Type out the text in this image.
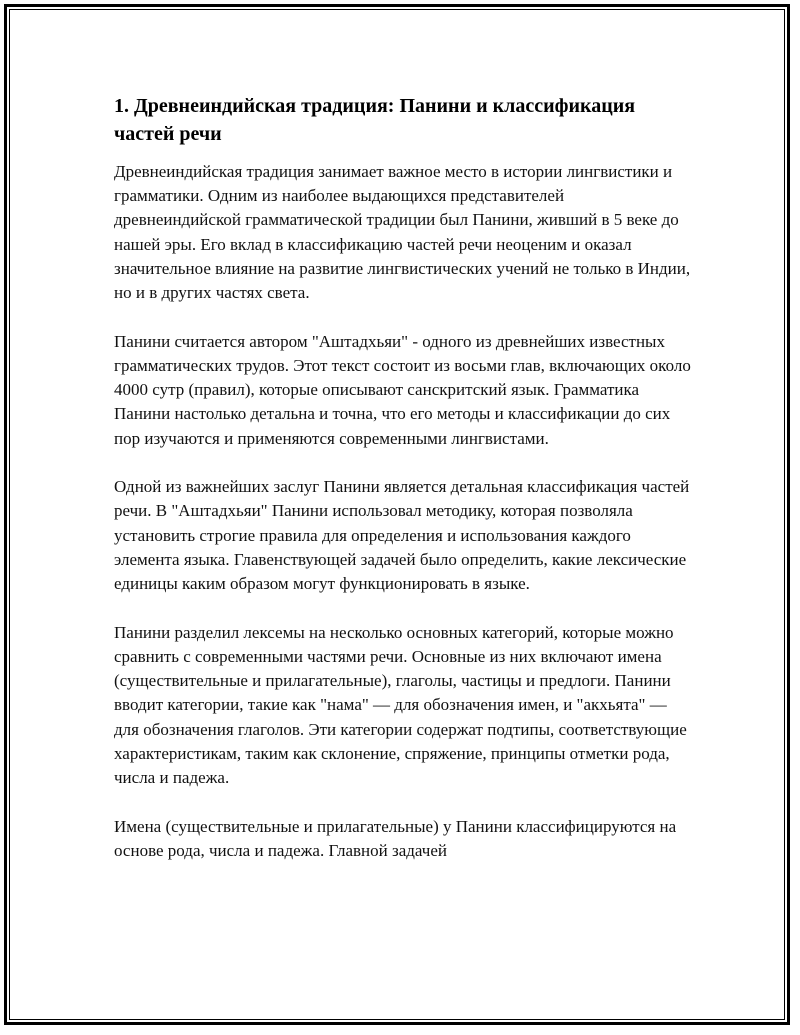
1. Древнеиндийская традиция: Панини и классификация частей речи

Древнеиндийская традиция занимает важное место в истории лингвистики и грамматики. Одним из наиболее выдающихся представителей древнеиндийской грамматической традиции был Панини, живший в 5 веке до нашей эры. Его вклад в классификацию частей речи неоценим и оказал значительное влияние на развитие лингвистических учений не только в Индии, но и в других частях света.

Панини считается автором "Аштадхьяи" - одного из древнейших известных грамматических трудов. Этот текст состоит из восьми глав, включающих около 4000 сутр (правил), которые описывают санскритский язык. Грамматика Панини настолько детальна и точна, что его методы и классификации до сих пор изучаются и применяются современными лингвистами.

Одной из важнейших заслуг Панини является детальная классификация частей речи. В "Аштадхьяи" Панини использовал методику, которая позволяла установить строгие правила для определения и использования каждого элемента языка. Главенствующей задачей было определить, какие лексические единицы каким образом могут функционировать в языке.

Панини разделил лексемы на несколько основных категорий, которые можно сравнить с современными частями речи. Основные из них включают имена (существительные и прилагательные), глаголы, частицы и предлоги. Панини вводит категории, такие как "нама" — для обозначения имен, и "акхьята" — для обозначения глаголов. Эти категории содержат подтипы, соответствующие характеристикам, таким как склонение, спряжение, принципы отметки рода, числа и падежа.

Имена (существительные и прилагательные) у Панини классифицируются на основе рода, числа и падежа. Главной задачей
